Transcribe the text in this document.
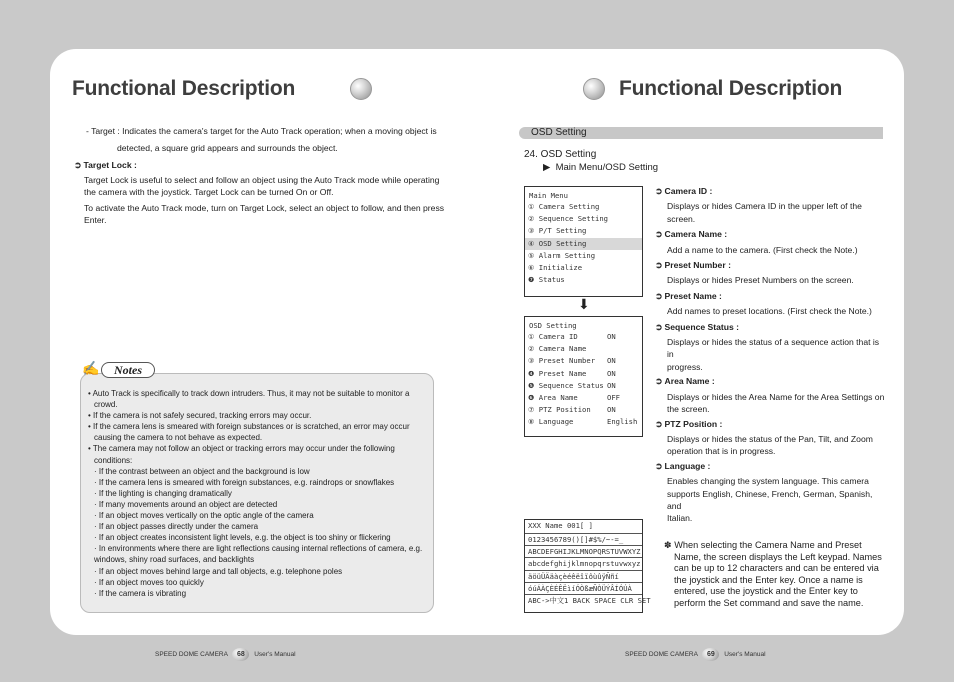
Functional Description
- Target : Indicates the camera's target for the Auto Track operation; when a moving object is
detected, a square grid appears and surrounds the object.
➲ Target Lock :
Target Lock is useful to select and follow an object using the Auto Track mode while operating
the camera with the joystick. Target Lock can be turned On or Off.
To activate the Auto Track mode, turn on Target Lock, select an object to follow, and then press
Enter.
✍	Notes
• Auto Track is specifically to track down intruders. Thus, it may not be suitable to monitor a crowd.
• If the camera is not safely secured, tracking errors may occur.
• If the camera lens is smeared with foreign substances or is scratched, an error may occur causing the camera to not behave as expected.
• The camera may not follow an object or tracking errors may occur under the following conditions:
· If the contrast between an object and the background is low
· If the camera lens is smeared with foreign substances, e.g. raindrops or snowflakes
· If the lighting is changing dramatically
· If many movements around an object are detected
· If an object moves vertically on the optic angle of the camera
· If an object passes directly under the camera
· If an object creates inconsistent light levels, e.g. the object is too shiny or flickering
· In environments where there are light reflections causing internal reflections of camera, e.g. windows, shiny road surfaces, and backlights
· If an object moves behind large and tall objects, e.g. telephone poles
· If an object moves too quickly
· If the camera is vibrating
SPEED DOME CAMERA 68 User's Manual
Functional Description
OSD Setting
24. OSD Setting
▶ Main Menu/OSD Setting
Main Menu
① Camera Setting
② Sequence Setting
③ P/T Setting
④ OSD Setting
⑤ Alarm Setting
⑥ Initialize
❼ Status
⬇
OSD Setting
① Camera ID	ON
② Camera Name
③ Preset Number ON
❹ Preset Name	ON
❺ Sequence Status ON
❻ Area Name	OFF
⑦ PTZ Position ON
⑧ Language	English
XXX Name 001[ ]
0123456789()[]#$%/~-=_
ABCDEFGHIJKLMNOPQRSTUVWXYZ
abcdefghijklmnopqrstuvwxyz
äöüÜÄäàçèéêëîïôùûÿÑñí
óúÁÀÇÈÉÊËìíÓÒßæÑÒÜÝÂÍÓÚÀ
ABC->中文1 BACK SPACE CLR SET
➲ Camera ID :
Displays or hides Camera ID in the upper left of the screen.
➲ Camera Name :
Add a name to the camera. (First check the Note.)
➲ Preset Number :
Displays or hides Preset Numbers on the screen.
➲ Preset Name :
Add names to preset locations. (First check the Note.)
➲ Sequence Status :
Displays or hides the status of a sequence action that is in
progress.
➲ Area Name :
Displays or hides the Area Name for the Area Settings on
the screen.
➲ PTZ Position :
Displays or hides the status of the Pan, Tilt, and Zoom
operation that is in progress.
➲ Language :
Enables changing the system language. This camera
supports English, Chinese, French, German, Spanish, and
Italian.
✽ When selecting the Camera Name and Preset Name, the screen displays the Left keypad. Names can be up to 12 characters and can be entered via the joystick and the Enter key. Once a name is entered, use the joystick and the Enter key to perform the Set command and save the name.
SPEED DOME CAMERA 69 User's Manual
